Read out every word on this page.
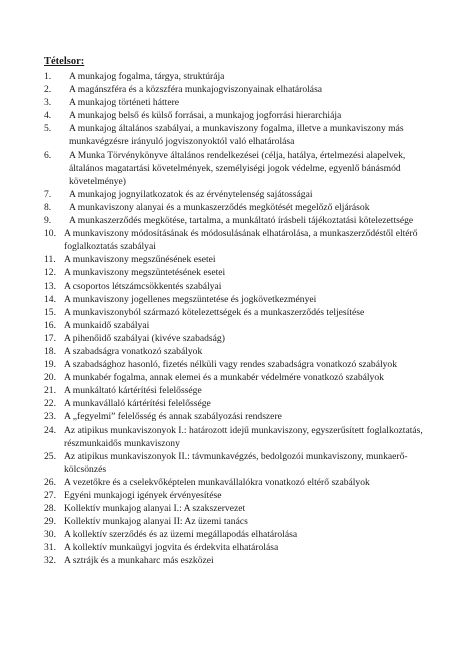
Tételsor:

1.	A munkajog fogalma, tárgya, struktúrája
2.	A magánszféra és a közszféra munkajogviszonyainak elhatárolása
3.	A munkajog történeti háttere
4.	A munkajog belső és külső forrásai, a munkajog jogforrási hierarchiája
5.	A munkajog általános szabályai, a munkaviszony fogalma, illetve a munkaviszony más munkavégzésre irányuló jogviszonyoktól való elhatárolása
6.	A Munka Törvénykönyve általános rendelkezései (célja, hatálya, értelmezési alapelvek, általános magatartási követelmények, személyiségi jogok védelme, egyenlő bánásmód követelménye)
7.	A munkajog jognyilatkozatok és az érvénytelenség sajátosságai
8.	A munkaviszony alanyai és a munkaszerződés megkötését megelőző eljárások
9.	A munkaszerződés megkötése, tartalma, a munkáltató írásbeli tájékoztatási kötelezettsége
10. A munkaviszony módosításának és módosulásának elhatárolása, a munkaszerződéstől eltérő foglalkoztatás szabályai
11. A munkaviszony megszűnésének esetei
12. A munkaviszony megszüntetésének esetei
13. A csoportos létszámcsökkentés szabályai
14. A munkaviszony jogellenes megszüntetése és jogkövetkezményei
15. A munkaviszonyból származó kötelezettségek és a munkaszerződés teljesítése
16. A munkaidő szabályai
17. A pihenőidő szabályai (kivéve szabadság)
18. A szabadságra vonatkozó szabályok
19. A szabadsághoz hasonló, fizetés nélküli vagy rendes szabadságra vonatkozó szabályok
20. A munkabér fogalma, annak elemei és a munkabér védelmére vonatkozó szabályok
21. A munkáltató kártérítési felelőssége
22. A munkavállaló kártérítési felelőssége
23. A „fegyelmi” felelősség és annak szabályozási rendszere
24. Az atipikus munkaviszonyok I.: határozott idejű munkaviszony, egyszerűsített foglalkoztatás, részmunkaidős munkaviszony
25. Az atipikus munkaviszonyok II.: távmunkavégzés, bedolgozói munkaviszony, munkaerő-kölcsönzés
26. A vezetőkre és a cselekvőképtelen munkavállalókra vonatkozó eltérő szabályok
27. Egyéni munkajogi igények érvényesítése
28. Kollektív munkajog alanyai I.: A szakszervezet
29. Kollektív munkajog alanyai II: Az üzemi tanács
30. A kollektív szerződés és az üzemi megállapodás elhatárolása
31. A kollektív munkaügyi jogvita és érdekvita elhatárolása
32. A sztrájk és a munkaharc más eszközei
